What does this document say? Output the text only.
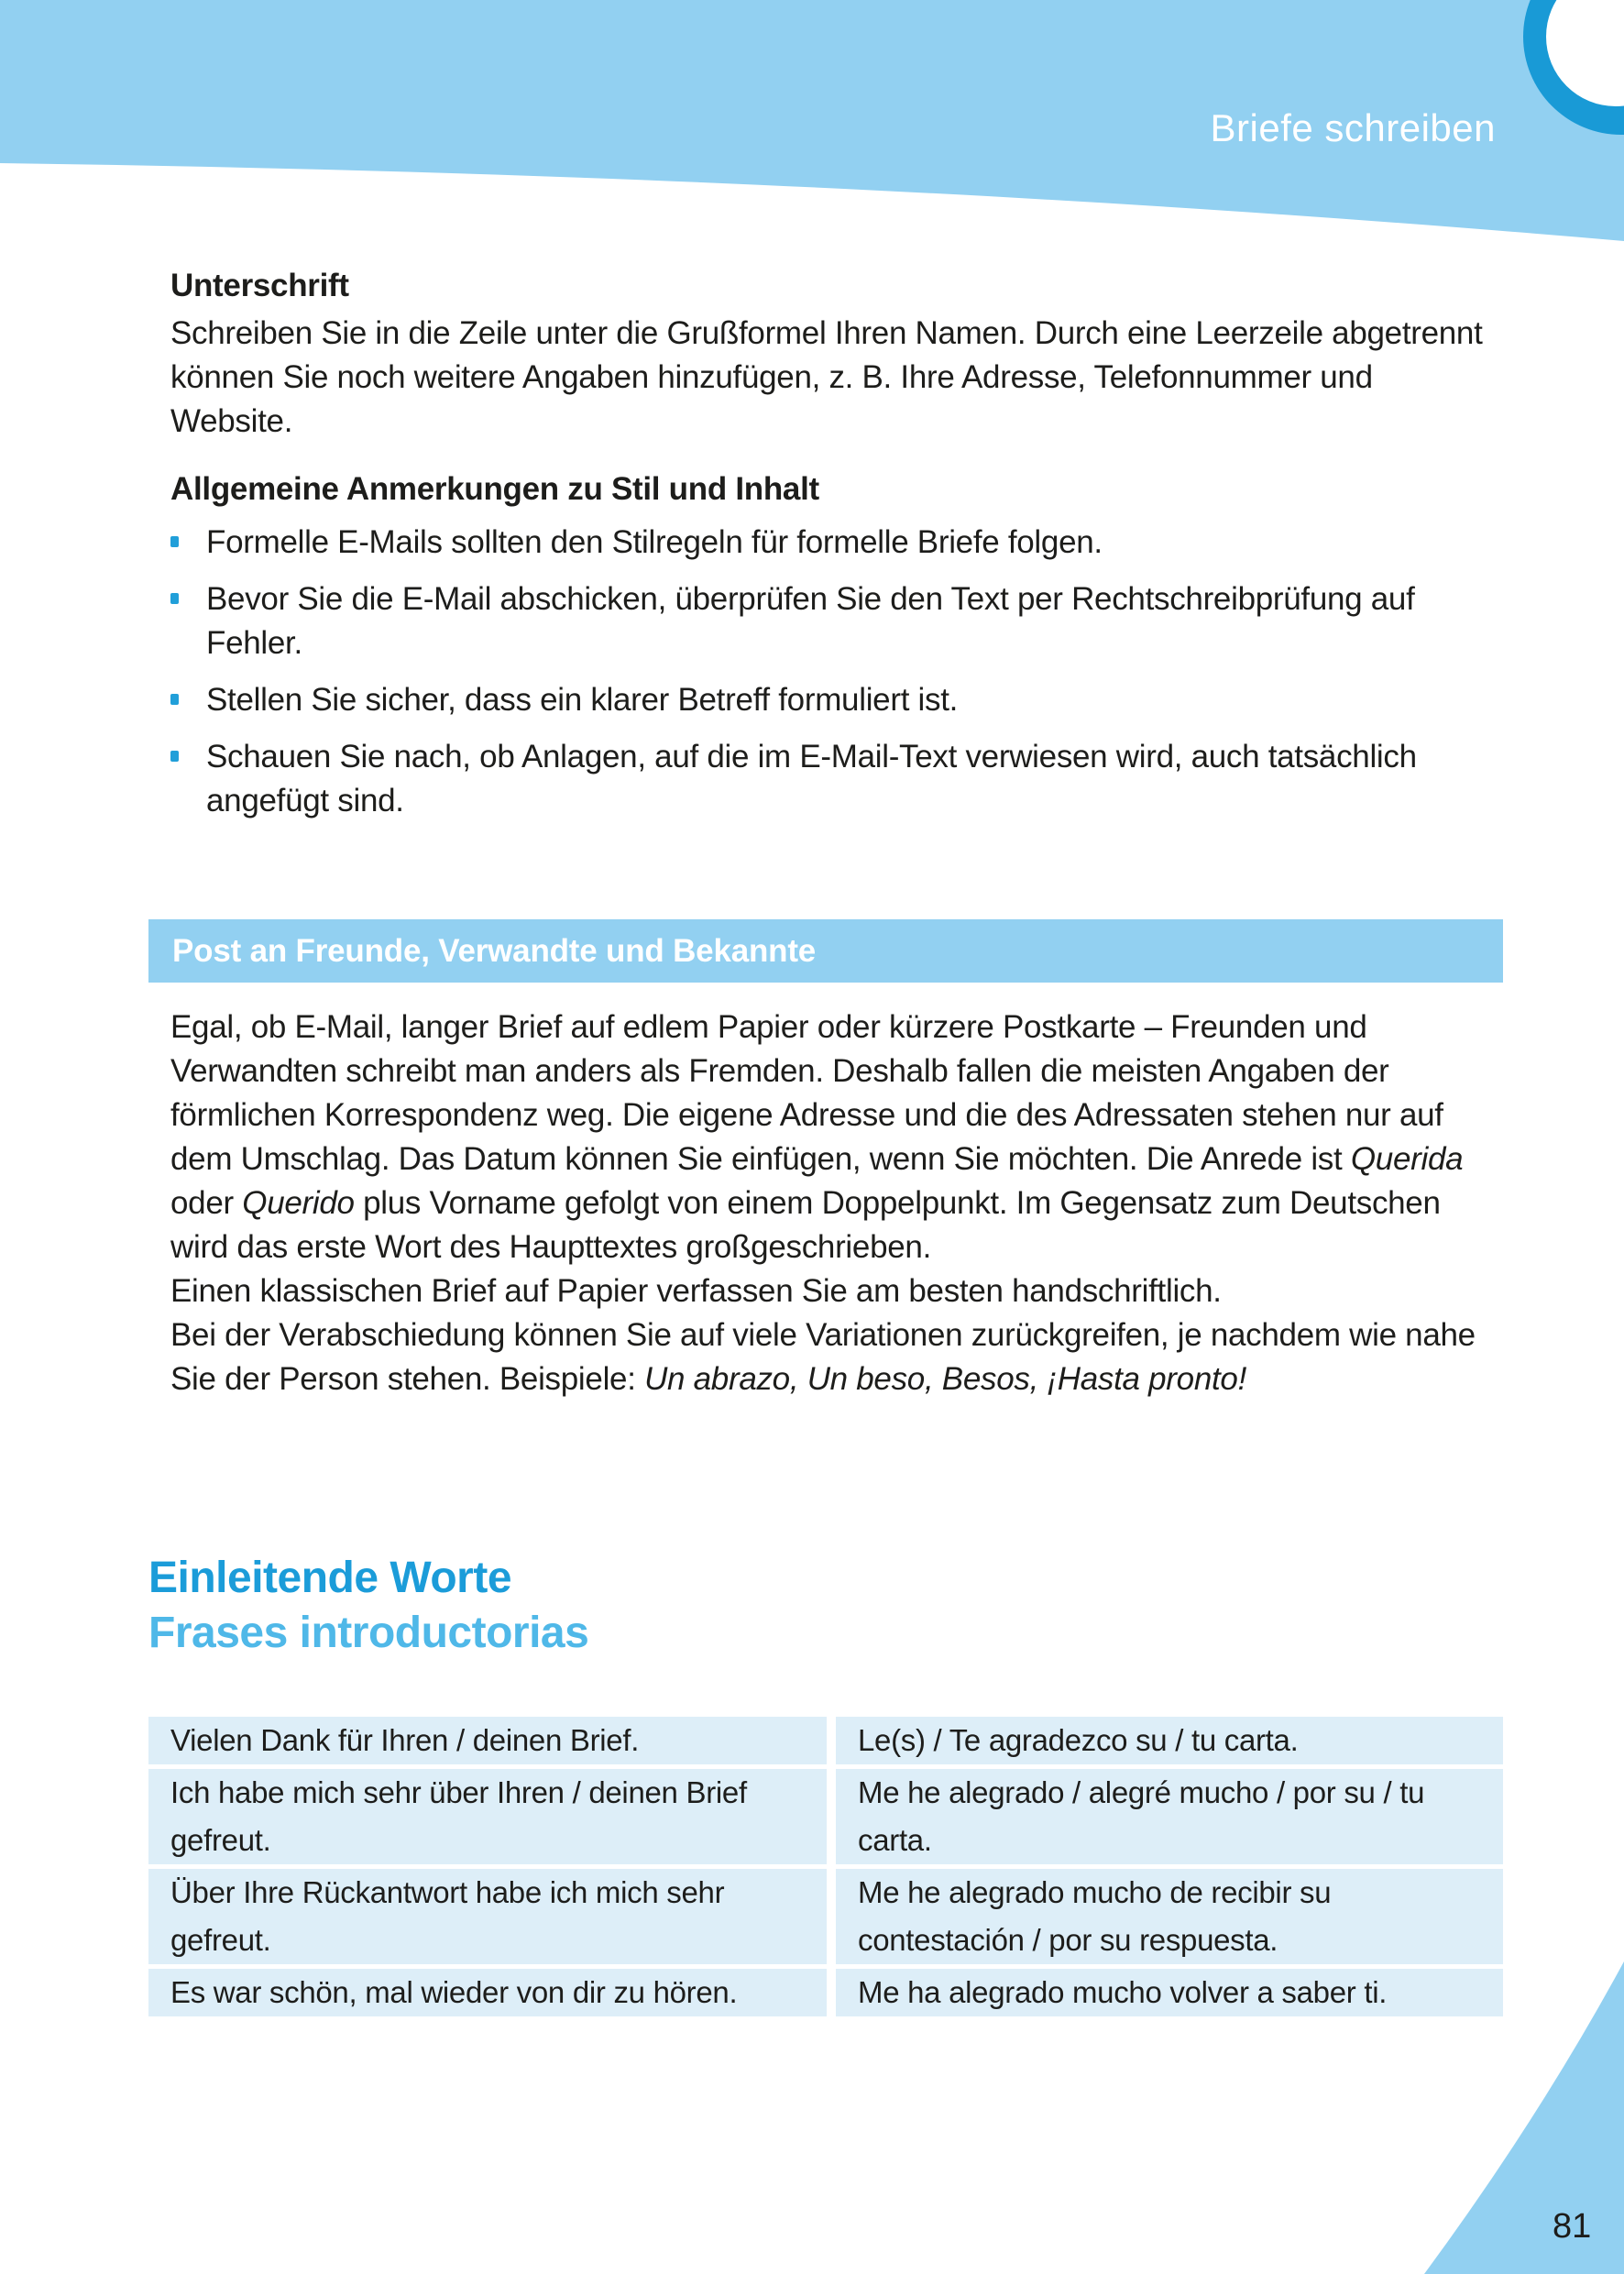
Briefe schreiben
Unterschrift
Schreiben Sie in die Zeile unter die Grußformel Ihren Namen. Durch eine Leerzeile abgetrennt können Sie noch weitere Angaben hinzufügen, z. B. Ihre Adresse, Telefonnummer und Website.
Allgemeine Anmerkungen zu Stil und Inhalt
Formelle E-Mails sollten den Stilregeln für formelle Briefe folgen.
Bevor Sie die E-Mail abschicken, überprüfen Sie den Text per Rechtschreibprüfung auf Fehler.
Stellen Sie sicher, dass ein klarer Betreff formuliert ist.
Schauen Sie nach, ob Anlagen, auf die im E-Mail-Text verwiesen wird, auch tatsächlich angefügt sind.
Post an Freunde, Verwandte und Bekannte

Egal, ob E-Mail, langer Brief auf edlem Papier oder kürzere Postkarte – Freunden und Verwandten schreibt man anders als Fremden. Deshalb fallen die meisten Angaben der förmlichen Korrespondenz weg. Die eigene Adresse und die des Adressaten stehen nur auf dem Umschlag. Das Datum können Sie einfügen, wenn Sie möchten. Die Anrede ist Querida oder Querido plus Vorname gefolgt von einem Doppelpunkt. Im Gegensatz zum Deutschen wird das erste Wort des Haupttextes großgeschrieben.

Einen klassischen Brief auf Papier verfassen Sie am besten handschriftlich.

Bei der Verabschiedung können Sie auf viele Variationen zurückgreifen, je nachdem wie nahe Sie der Person stehen. Beispiele: Un abrazo, Un beso, Besos, ¡Hasta pronto!

Einleitende Worte
Frases introductorias
Vielen Dank für Ihren / deinen Brief.	Le(s) / Te agradezco su / tu carta.
Ich habe mich sehr über Ihren / deinen Brief gefreut.
Me he alegrado / alegré mucho / por su / tu carta.
Über Ihre Rückantwort habe ich mich sehr gefreut.
Me he alegrado mucho de recibir su contestación / por su respuesta.
Es war schön, mal wieder von dir zu hören.	Me ha alegrado mucho volver a saber ti.
81
